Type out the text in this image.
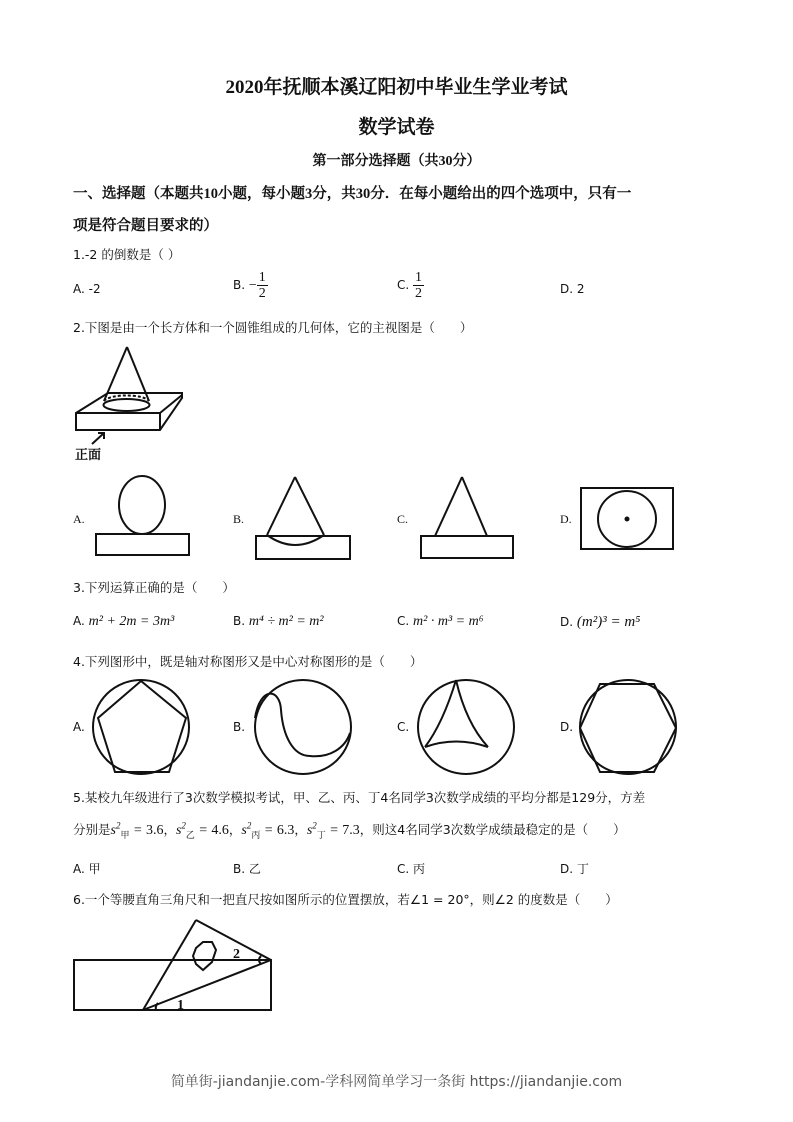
2020年抚顺本溪辽阳初中毕业生学业考试
数学试卷
第一部分选择题（共30分）
一、选择题（本题共10小题，每小题3分，共30分．在每小题给出的四个选项中，只有一
项是符合题目要求的）
1.-2 的倒数是（ ）
A. -2	B. − $\frac{1}{2}$	C. $\frac{1}{2}$	D. 2
2.下图是由一个长方体和一个圆锥组成的几何体，它的主视图是（　　）
正面
A.	B.	C.	D.
3.下列运算正确的是（　　）
A. m² + 2m = 3m³	B. m⁴ ÷ m² = m²	C. m² · m³ = m⁶	D. (m²)³ = m⁵
4.下列图形中，既是轴对称图形又是中心对称图形的是（　　）
A.	B.	C.	D.
5.某校九年级进行了3次数学模拟考试，甲、乙、丙、丁4名同学3次数学成绩的平均分都是129分，方差
分别是$s^2_甲 = 3.6$，$s^2_乙 = 4.6$，$s^2_丙 = 6.3$，$s^2_丁 = 7.3$，则这4名同学3次数学成绩最稳定的是（　　）
A. 甲	B. 乙	C. 丙	D. 丁
6.一个等腰直角三角尺和一把直尺按如图所示的位置摆放，若∠1 = 20°，则∠2 的度数是（　　）
2
1
简单街-jiandanjie.com-学科网简单学习一条街 https://jiandanjie.com
